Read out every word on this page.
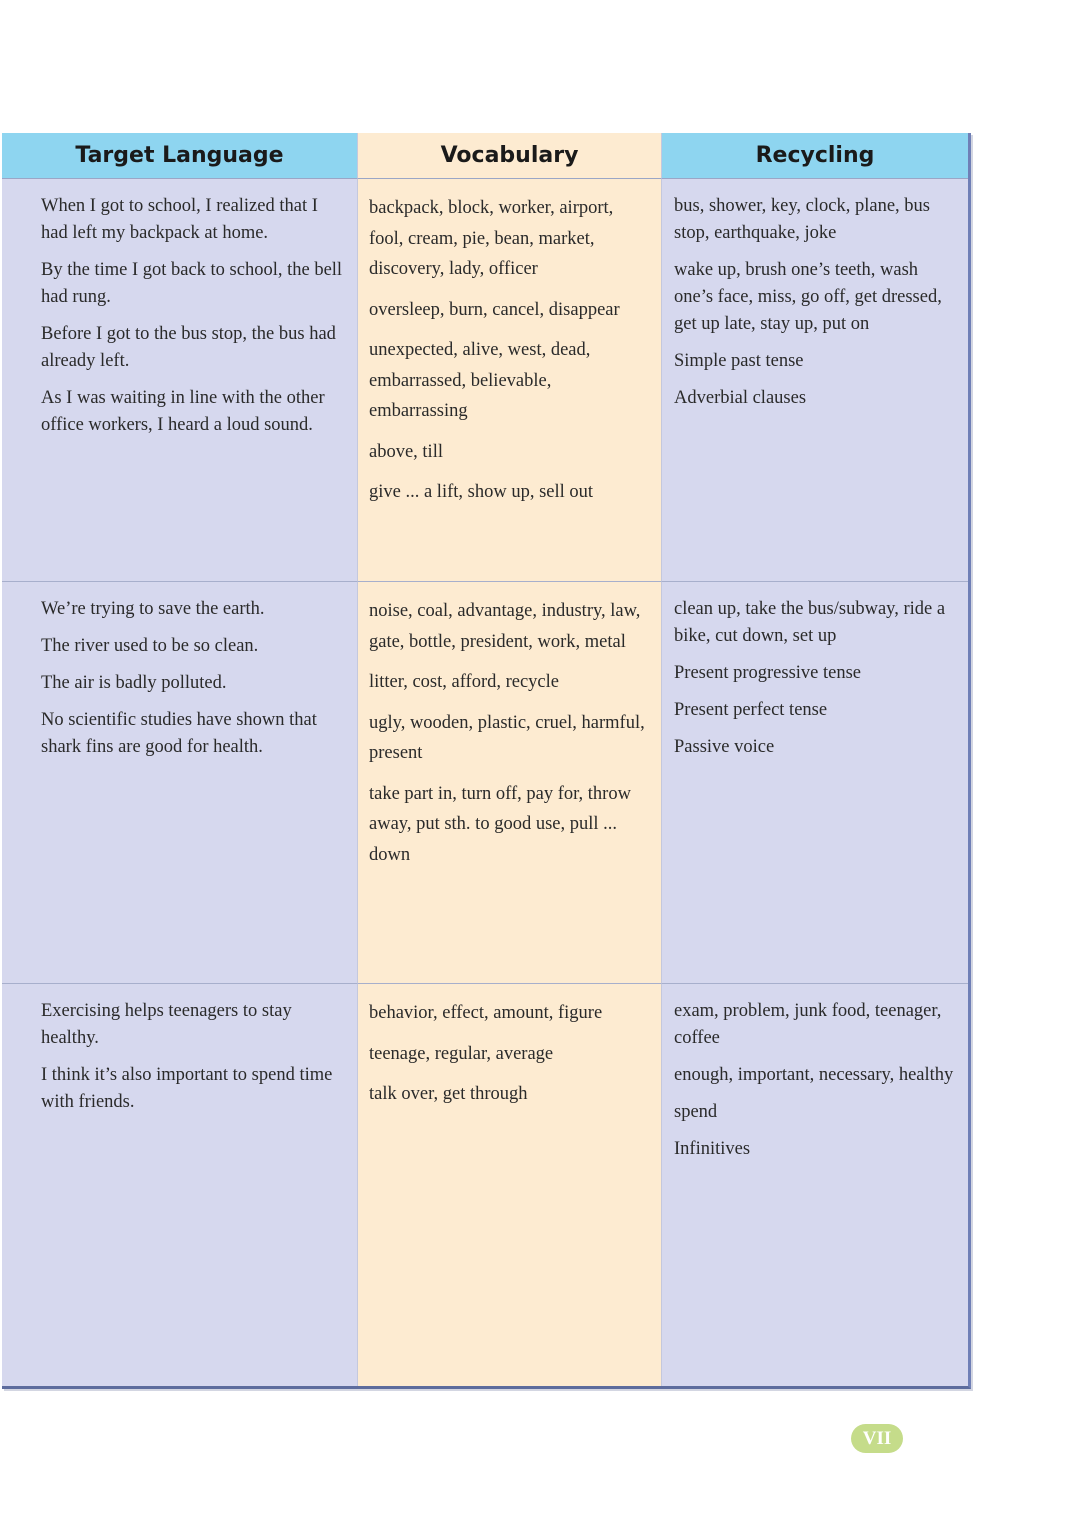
Target Language	Vocabulary	Recycling
When I got to school, I realized that I had left my backpack at home.
By the time I got back to school, the bell had rung.
Before I got to the bus stop, the bus had already left.
As I was waiting in line with the other office workers, I heard a loud sound.
backpack, block, worker, airport, fool, cream, pie, bean, market, discovery, lady, officer
oversleep, burn, cancel, disappear
unexpected, alive, west, dead, embarrassed, believable, embarrassing
above, till
give ... a lift, show up, sell out
bus, shower, key, clock, plane, bus stop, earthquake, joke
wake up, brush one’s teeth, wash one’s face, miss, go off, get dressed, get up late, stay up, put on
Simple past tense
Adverbial clauses
We’re trying to save the earth.
The river used to be so clean.
The air is badly polluted.
No scientific studies have shown that shark fins are good for health.
noise, coal, advantage, industry, law, gate, bottle, president, work, metal
litter, cost, afford, recycle
ugly, wooden, plastic, cruel, harmful, present
take part in, turn off, pay for, throw away, put sth. to good use, pull ... down
clean up, take the bus/subway, ride a bike, cut down, set up
Present progressive tense
Present perfect tense
Passive voice
Exercising helps teenagers to stay healthy.
I think it’s also important to spend time with friends.
behavior, effect, amount, figure
teenage, regular, average
talk over, get through
exam, problem, junk food, teenager, coffee
enough, important, necessary, healthy
spend
Infinitives
VII
